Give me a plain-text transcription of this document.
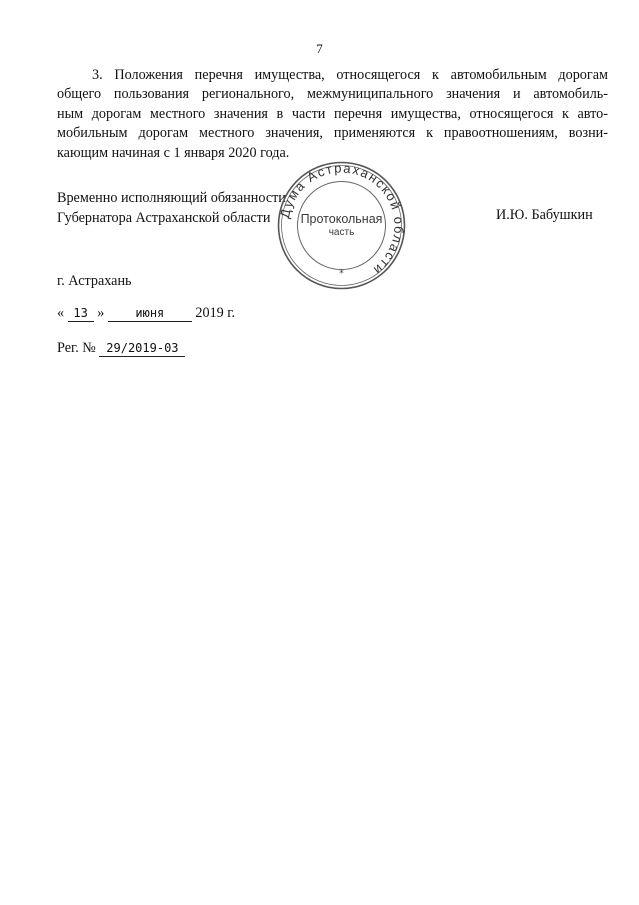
7
3. Положения перечня имущества, относящегося к автомобильным дорогам
общего пользования регионального, межмуниципального значения и автомобиль-
ным дорогам местного значения в части перечня имущества, относящегося к авто-
мобильным дорогам местного значения, применяются к правоотношениям, возни-
кающим начиная с 1 января 2020 года.
Временно исполняющий обязанности
Губернатора Астраханской области	И.Ю. Бабушкин
Дума Астраханской области
*
Протокольная
часть
г. Астрахань
« 13 »	июня 2019 г.
Рег. № 29/2019-03
